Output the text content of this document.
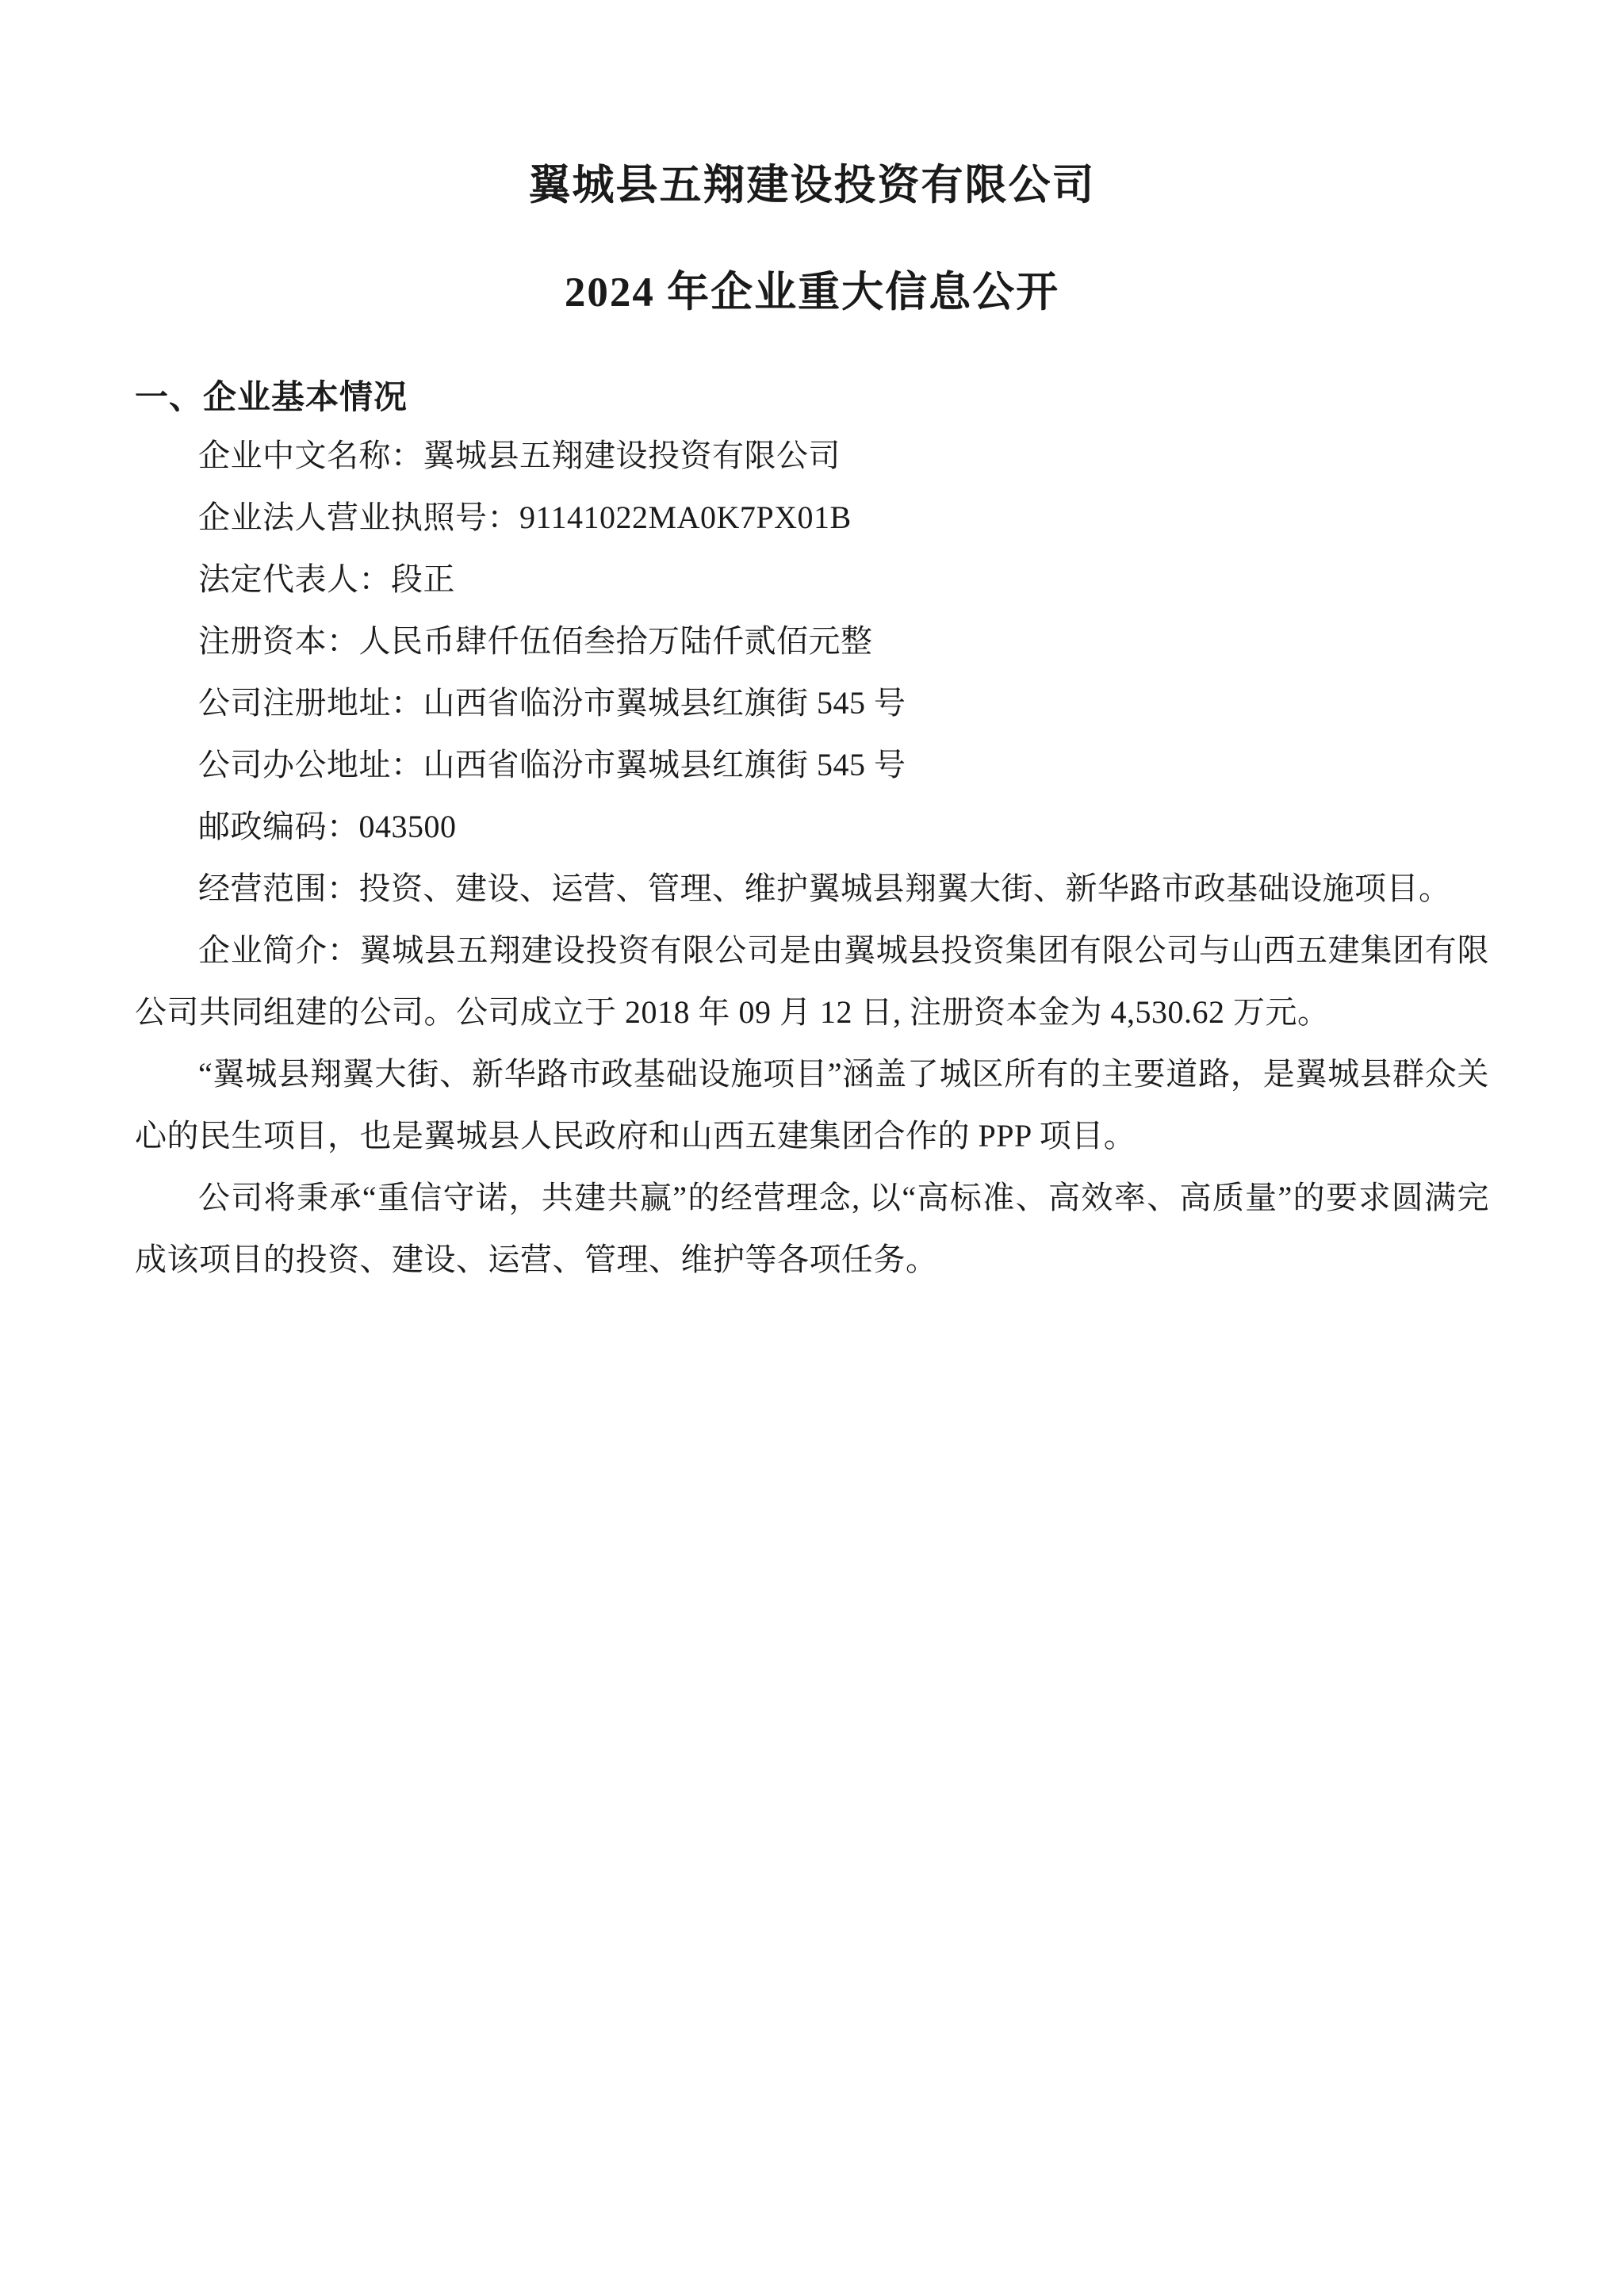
翼城县五翔建设投资有限公司
2024 年企业重大信息公开
一、企业基本情况

企业中文名称：翼城县五翔建设投资有限公司

企业法人营业执照号：91141022MA0K7PX01B

法定代表人：段正

注册资本：人民币肆仟伍佰叁拾万陆仟贰佰元整

公司注册地址：山西省临汾市翼城县红旗街 545 号

公司办公地址：山西省临汾市翼城县红旗街 545 号

邮政编码：043500

经营范围：投资、建设、运营、管理、维护翼城县翔翼大街、新华路市政基础设施项目。

企业简介：翼城县五翔建设投资有限公司是由翼城县投资集团有限公司与山西五建集团有限公司共同组建的公司。公司成立于 2018 年 09 月 12 日, 注册资本金为 4,530.62 万元。

“翼城县翔翼大街、新华路市政基础设施项目”涵盖了城区所有的主要道路，是翼城县群众关心的民生项目，也是翼城县人民政府和山西五建集团合作的 PPP 项目。

公司将秉承“重信守诺，共建共赢”的经营理念, 以“高标准、高效率、高质量”的要求圆满完成该项目的投资、建设、运营、管理、维护等各项任务。
